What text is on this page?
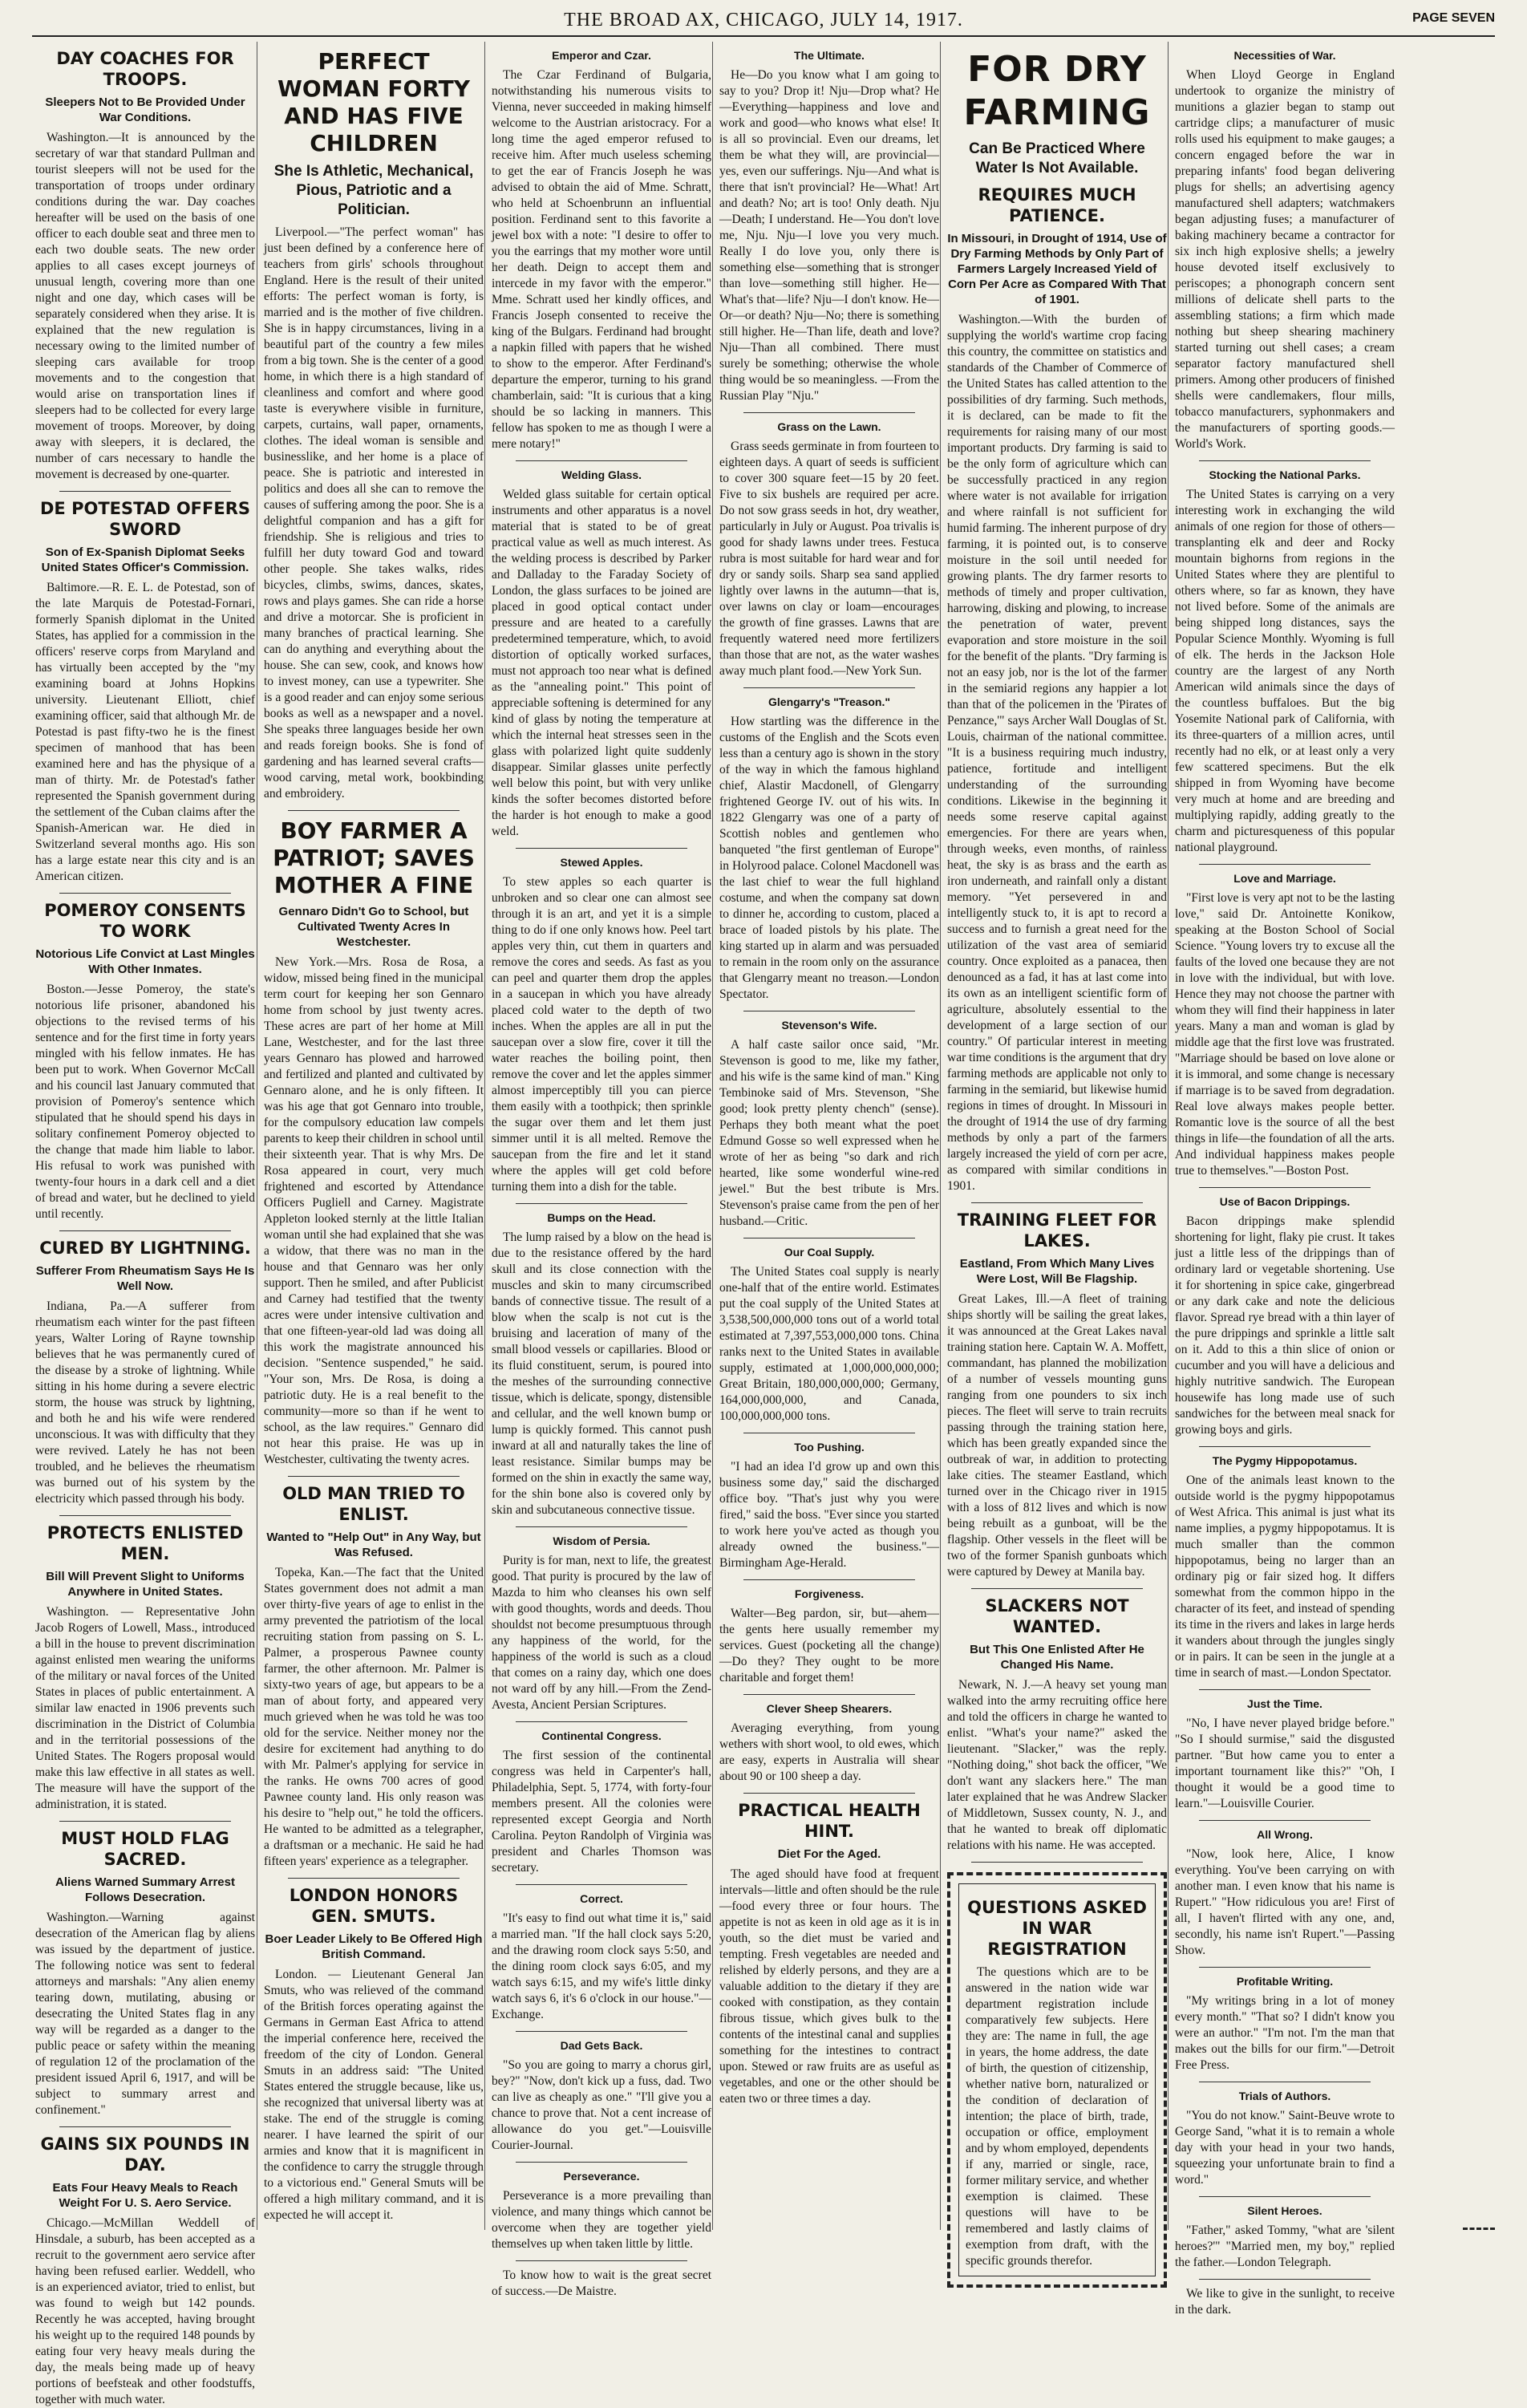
THE BROAD AX, CHICAGO, JULY 14, 1917.	PAGE SEVEN
DAY COACHES FOR TROOPS.
Sleepers Not to Be Provided Under War Conditions.

Washington.—It is announced by the secretary of war that standard Pullman and tourist sleepers will not be used for the transportation of troops under ordinary conditions during the war. Day coaches hereafter will be used on the basis of one officer to each double seat and three men to each two double seats. The new order applies to all cases except journeys of unusual length, covering more than one night and one day, which cases will be separately considered when they arise. It is explained that the new regulation is necessary owing to the limited number of sleeping cars available for troop movements and to the congestion that would arise on transportation lines if sleepers had to be collected for every large movement of troops. Moreover, by doing away with sleepers, it is declared, the number of cars necessary to handle the movement is decreased by one-quarter.

DE POTESTAD OFFERS SWORD
Son of Ex-Spanish Diplomat Seeks United States Officer's Commission.

Baltimore.—R. E. L. de Potestad, son of the late Marquis de Potestad-Fornari, formerly Spanish diplomat in the United States, has applied for a commission in the officers' reserve corps from Maryland and has virtually been accepted by the "my examining board at Johns Hopkins university. Lieutenant Elliott, chief examining officer, said that although Mr. de Potestad is past fifty-two he is the finest specimen of manhood that has been examined here and has the physique of a man of thirty. Mr. de Potestad's father represented the Spanish government during the settlement of the Cuban claims after the Spanish-American war. He died in Switzerland several months ago. His son has a large estate near this city and is an American citizen.

POMEROY CONSENTS TO WORK
Notorious Life Convict at Last Mingles With Other Inmates.

Boston.—Jesse Pomeroy, the state's notorious life prisoner, abandoned his objections to the revised terms of his sentence and for the first time in forty years mingled with his fellow inmates. He has been put to work. When Governor McCall and his council last January commuted that provision of Pomeroy's sentence which stipulated that he should spend his days in solitary confinement Pomeroy objected to the change that made him liable to labor. His refusal to work was punished with twenty-four hours in a dark cell and a diet of bread and water, but he declined to yield until recently.

CURED BY LIGHTNING.
Sufferer From Rheumatism Says He Is Well Now.

Indiana, Pa.—A sufferer from rheumatism each winter for the past fifteen years, Walter Loring of Rayne township believes that he was permanently cured of the disease by a stroke of lightning. While sitting in his home during a severe electric storm, the house was struck by lightning, and both he and his wife were rendered unconscious. It was with difficulty that they were revived. Lately he has not been troubled, and he believes the rheumatism was burned out of his system by the electricity which passed through his body.

PROTECTS ENLISTED MEN.
Bill Will Prevent Slight to Uniforms Anywhere in United States.

Washington. — Representative John Jacob Rogers of Lowell, Mass., introduced a bill in the house to prevent discrimination against enlisted men wearing the uniforms of the military or naval forces of the United States in places of public entertainment. A similar law enacted in 1906 prevents such discrimination in the District of Columbia and in the territorial possessions of the United States. The Rogers proposal would make this law effective in all states as well. The measure will have the support of the administration, it is stated.

MUST HOLD FLAG SACRED.
Aliens Warned Summary Arrest Follows Desecration.

Washington.—Warning against desecration of the American flag by aliens was issued by the department of justice. The following notice was sent to federal attorneys and marshals: "Any alien enemy tearing down, mutilating, abusing or desecrating the United States flag in any way will be regarded as a danger to the public peace or safety within the meaning of regulation 12 of the proclamation of the president issued April 6, 1917, and will be subject to summary arrest and confinement."

GAINS SIX POUNDS IN DAY.
Eats Four Heavy Meals to Reach Weight For U. S. Aero Service.

Chicago.—McMillan Weddell of Hinsdale, a suburb, has been accepted as a recruit to the government aero service after having been refused earlier. Weddell, who is an experienced aviator, tried to enlist, but was found to weigh but 142 pounds. Recently he was accepted, having brought his weight up to the required 148 pounds by eating four very heavy meals during the day, the meals being made up of heavy portions of beefsteak and other foodstuffs, together with much water.

PERFECT WOMAN FORTY AND HAS FIVE CHILDREN
She Is Athletic, Mechanical, Pious, Patriotic and a Politician.

Liverpool.—"The perfect woman" has just been defined by a conference here of teachers from girls' schools throughout England. Here is the result of their united efforts: The perfect woman is forty, is married and is the mother of five children. She is in happy circumstances, living in a beautiful part of the country a few miles from a big town. She is the center of a good home, in which there is a high standard of cleanliness and comfort and where good taste is everywhere visible in furniture, carpets, curtains, wall paper, ornaments, clothes. The ideal woman is sensible and businesslike, and her home is a place of peace. She is patriotic and interested in politics and does all she can to remove the causes of suffering among the poor. She is a delightful companion and has a gift for friendship. She is religious and tries to fulfill her duty toward God and toward other people. She takes walks, rides bicycles, climbs, swims, dances, skates, rows and plays games. She can ride a horse and drive a motorcar. She is proficient in many branches of practical learning. She can do anything and everything about the house. She can sew, cook, and knows how to invest money, can use a typewriter. She is a good reader and can enjoy some serious books as well as a newspaper and a novel. She speaks three languages beside her own and reads foreign books. She is fond of gardening and has learned several crafts—wood carving, metal work, bookbinding and embroidery.

BOY FARMER A PATRIOT; SAVES MOTHER A FINE
Gennaro Didn't Go to School, but Cultivated Twenty Acres In Westchester.

New York.—Mrs. Rosa de Rosa, a widow, missed being fined in the municipal term court for keeping her son Gennaro home from school by just twenty acres. These acres are part of her home at Mill Lane, Westchester, and for the last three years Gennaro has plowed and harrowed and fertilized and planted and cultivated by Gennaro alone, and he is only fifteen. It was his age that got Gennaro into trouble, for the compulsory education law compels parents to keep their children in school until their sixteenth year. That is why Mrs. De Rosa appeared in court, very much frightened and escorted by Attendance Officers Pugliell and Carney. Magistrate Appleton looked sternly at the little Italian woman until she had explained that she was a widow, that there was no man in the house and that Gennaro was her only support. Then he smiled, and after Publicist and Carney had testified that the twenty acres were under intensive cultivation and that one fifteen-year-old lad was doing all this work the magistrate announced his decision. "Sentence suspended," he said. "Your son, Mrs. De Rosa, is doing a patriotic duty. He is a real benefit to the community—more so than if he went to school, as the law requires." Gennaro did not hear this praise. He was up in Westchester, cultivating the twenty acres.

OLD MAN TRIED TO ENLIST.
Wanted to "Help Out" in Any Way, but Was Refused.

Topeka, Kan.—The fact that the United States government does not admit a man over thirty-five years of age to enlist in the army prevented the patriotism of the local recruiting station from passing on S. L. Palmer, a prosperous Pawnee county farmer, the other afternoon. Mr. Palmer is sixty-two years of age, but appears to be a man of about forty, and appeared very much grieved when he was told he was too old for the service. Neither money nor the desire for excitement had anything to do with Mr. Palmer's applying for service in the ranks. He owns 700 acres of good Pawnee county land. His only reason was his desire to "help out," he told the officers. He wanted to be admitted as a telegrapher, a draftsman or a mechanic. He said he had fifteen years' experience as a telegrapher.

LONDON HONORS GEN. SMUTS.
Boer Leader Likely to Be Offered High British Command.

London. — Lieutenant General Jan Smuts, who was relieved of the command of the British forces operating against the Germans in German East Africa to attend the imperial conference here, received the freedom of the city of London. General Smuts in an address said: "The United States entered the struggle because, like us, she recognized that universal liberty was at stake. The end of the struggle is coming nearer. I have learned the spirit of our armies and know that it is magnificent in the confidence to carry the struggle through to a victorious end." General Smuts will be offered a high military command, and it is expected he will accept it.

Emperor and Czar.

The Czar Ferdinand of Bulgaria, notwithstanding his numerous visits to Vienna, never succeeded in making himself welcome to the Austrian aristocracy. For a long time the aged emperor refused to receive him. After much useless scheming to get the ear of Francis Joseph he was advised to obtain the aid of Mme. Schratt, who held at Schoenbrunn an influential position. Ferdinand sent to this favorite a jewel box with a note: "I desire to offer to you the earrings that my mother wore until her death. Deign to accept them and intercede in my favor with the emperor." Mme. Schratt used her kindly offices, and Francis Joseph consented to receive the king of the Bulgars. Ferdinand had brought a napkin filled with papers that he wished to show to the emperor. After Ferdinand's departure the emperor, turning to his grand chamberlain, said: "It is curious that a king should be so lacking in manners. This fellow has spoken to me as though I were a mere notary!"

Welding Glass.

Welded glass suitable for certain optical instruments and other apparatus is a novel material that is stated to be of great practical value as well as much interest. As the welding process is described by Parker and Dalladay to the Faraday Society of London, the glass surfaces to be joined are placed in good optical contact under pressure and are heated to a carefully predetermined temperature, which, to avoid distortion of optically worked surfaces, must not approach too near what is defined as the "annealing point." This point of appreciable softening is determined for any kind of glass by noting the temperature at which the internal heat stresses seen in the glass with polarized light quite suddenly disappear. Similar glasses unite perfectly well below this point, but with very unlike kinds the softer becomes distorted before the harder is hot enough to make a good weld.

Stewed Apples.

To stew apples so each quarter is unbroken and so clear one can almost see through it is an art, and yet it is a simple thing to do if one only knows how. Peel tart apples very thin, cut them in quarters and remove the cores and seeds. As fast as you can peel and quarter them drop the apples in a saucepan in which you have already placed cold water to the depth of two inches. When the apples are all in put the saucepan over a slow fire, cover it till the water reaches the boiling point, then remove the cover and let the apples simmer almost imperceptibly till you can pierce them easily with a toothpick; then sprinkle the sugar over them and let them just simmer until it is all melted. Remove the saucepan from the fire and let it stand where the apples will get cold before turning them into a dish for the table.

Bumps on the Head.

The lump raised by a blow on the head is due to the resistance offered by the hard skull and its close connection with the muscles and skin to many circumscribed bands of connective tissue. The result of a blow when the scalp is not cut is the bruising and laceration of many of the small blood vessels or capillaries. Blood or its fluid constituent, serum, is poured into the meshes of the surrounding connective tissue, which is delicate, spongy, distensible and cellular, and the well known bump or lump is quickly formed. This cannot push inward at all and naturally takes the line of least resistance. Similar bumps may be formed on the shin in exactly the same way, for the shin bone also is covered only by skin and subcutaneous connective tissue.

Wisdom of Persia.

Purity is for man, next to life, the greatest good. That purity is procured by the law of Mazda to him who cleanses his own self with good thoughts, words and deeds. Thou shouldst not become presumptuous through any happiness of the world, for the happiness of the world is such as a cloud that comes on a rainy day, which one does not ward off by any hill.—From the Zend-Avesta, Ancient Persian Scriptures.

Continental Congress.

The first session of the continental congress was held in Carpenter's hall, Philadelphia, Sept. 5, 1774, with forty-four members present. All the colonies were represented except Georgia and North Carolina. Peyton Randolph of Virginia was president and Charles Thomson was secretary.

Correct.

"It's easy to find out what time it is," said a married man. "If the hall clock says 5:20, and the drawing room clock says 5:50, and the dining room clock says 6:05, and my watch says 6:15, and my wife's little dinky watch says 6, it's 6 o'clock in our house."—Exchange.

Dad Gets Back.

"So you are going to marry a chorus girl, bey?" "Now, don't kick up a fuss, dad. Two can live as cheaply as one." "I'll give you a chance to prove that. Not a cent increase of allowance do you get."—Louisville Courier-Journal.

Perseverance.

Perseverance is a more prevailing than violence, and many things which cannot be overcome when they are together yield themselves up when taken little by little.

To know how to wait is the great secret of success.—De Maistre.

The Ultimate.

He—Do you know what I am going to say to you? Drop it! Nju—Drop what? He—Everything—happiness and love and work and good—who knows what else! It is all so provincial. Even our dreams, let them be what they will, are provincial—yes, even our sufferings. Nju—And what is there that isn't provincial? He—What! Art and death? No; art is too! Only death. Nju—Death; I understand. He—You don't love me, Nju. Nju—I love you very much. Really I do love you, only there is something else—something that is stronger than love—something still higher. He—What's that—life? Nju—I don't know. He—Or—or death? Nju—No; there is something still higher. He—Than life, death and love? Nju—Than all combined. There must surely be something; otherwise the whole thing would be so meaningless. —From the Russian Play "Nju."

Grass on the Lawn.

Grass seeds germinate in from fourteen to eighteen days. A quart of seeds is sufficient to cover 300 square feet—15 by 20 feet. Five to six bushels are required per acre. Do not sow grass seeds in hot, dry weather, particularly in July or August. Poa trivalis is good for shady lawns under trees. Festuca rubra is most suitable for hard wear and for dry or sandy soils. Sharp sea sand applied lightly over lawns in the autumn—that is, over lawns on clay or loam—encourages the growth of fine grasses. Lawns that are frequently watered need more fertilizers than those that are not, as the water washes away much plant food.—New York Sun.

Glengarry's "Treason."

How startling was the difference in the customs of the English and the Scots even less than a century ago is shown in the story of the way in which the famous highland chief, Alastir Macdonell, of Glengarry frightened George IV. out of his wits. In 1822 Glengarry was one of a party of Scottish nobles and gentlemen who banqueted "the first gentleman of Europe" in Holyrood palace. Colonel Macdonell was the last chief to wear the full highland costume, and when the company sat down to dinner he, according to custom, placed a brace of loaded pistols by his plate. The king started up in alarm and was persuaded to remain in the room only on the assurance that Glengarry meant no treason.—London Spectator.

Stevenson's Wife.

A half caste sailor once said, "Mr. Stevenson is good to me, like my father, and his wife is the same kind of man." King Tembinoke said of Mrs. Stevenson, "She good; look pretty plenty chench" (sense). Perhaps they both meant what the poet Edmund Gosse so well expressed when he wrote of her as being "so dark and rich hearted, like some wonderful wine-red jewel." But the best tribute is Mrs. Stevenson's praise came from the pen of her husband.—Critic.

Our Coal Supply.

The United States coal supply is nearly one-half that of the entire world. Estimates put the coal supply of the United States at 3,538,500,000,000 tons out of a world total estimated at 7,397,553,000,000 tons. China ranks next to the United States in available supply, estimated at 1,000,000,000,000; Great Britain, 180,000,000,000; Germany, 164,000,000,000, and Canada, 100,000,000,000 tons.

Too Pushing.

"I had an idea I'd grow up and own this business some day," said the discharged office boy. "That's just why you were fired," said the boss. "Ever since you started to work here you've acted as though you already owned the business."—Birmingham Age-Herald.

Forgiveness.

Walter—Beg pardon, sir, but—ahem—the gents here usually remember my services. Guest (pocketing all the change)—Do they? They ought to be more charitable and forget them!

Clever Sheep Shearers.

Averaging everything, from young wethers with short wool, to old ewes, which are easy, experts in Australia will shear about 90 or 100 sheep a day.

PRACTICAL HEALTH HINT.
Diet For the Aged.

The aged should have food at frequent intervals—little and often should be the rule—food every three or four hours. The appetite is not as keen in old age as it is in youth, so the diet must be varied and tempting. Fresh vegetables are needed and relished by elderly persons, and they are a valuable addition to the dietary if they are cooked with constipation, as they contain fibrous tissue, which gives bulk to the contents of the intestinal canal and supplies something for the intestines to contract upon. Stewed or raw fruits are as useful as vegetables, and one or the other should be eaten two or three times a day.

FOR DRY FARMING
Can Be Practiced Where Water Is Not Available.
REQUIRES MUCH PATIENCE.
In Missouri, in Drought of 1914, Use of Dry Farming Methods by Only Part of Farmers Largely Increased Yield of Corn Per Acre as Compared With That of 1901.

Washington.—With the burden of supplying the world's wartime crop facing this country, the committee on statistics and standards of the Chamber of Commerce of the United States has called attention to the possibilities of dry farming. Such methods, it is declared, can be made to fit the requirements for raising many of our most important products. Dry farming is said to be the only form of agriculture which can be successfully practiced in any region where water is not available for irrigation and where rainfall is not sufficient for humid farming. The inherent purpose of dry farming, it is pointed out, is to conserve moisture in the soil until needed for growing plants. The dry farmer resorts to methods of timely and proper cultivation, harrowing, disking and plowing, to increase the penetration of water, prevent evaporation and store moisture in the soil for the benefit of the plants. "Dry farming is not an easy job, nor is the lot of the farmer in the semiarid regions any happier a lot than that of the policemen in the 'Pirates of Penzance,'" says Archer Wall Douglas of St. Louis, chairman of the national committee. "It is a business requiring much industry, patience, fortitude and intelligent understanding of the surrounding conditions. Likewise in the beginning it needs some reserve capital against emergencies. For there are years when, through weeks, even months, of rainless heat, the sky is as brass and the earth as iron underneath, and rainfall only a distant memory. "Yet persevered in and intelligently stuck to, it is apt to record a success and to furnish a great need for the utilization of the vast area of semiarid country. Once exploited as a panacea, then denounced as a fad, it has at last come into its own as an intelligent scientific form of agriculture, absolutely essential to the development of a large section of our country." Of particular interest in meeting war time conditions is the argument that dry farming methods are applicable not only to farming in the semiarid, but likewise humid regions in times of drought. In Missouri in the drought of 1914 the use of dry farming methods by only a part of the farmers largely increased the yield of corn per acre, as compared with similar conditions in 1901.

TRAINING FLEET FOR LAKES.
Eastland, From Which Many Lives Were Lost, Will Be Flagship.

Great Lakes, Ill.—A fleet of training ships shortly will be sailing the great lakes, it was announced at the Great Lakes naval training station here. Captain W. A. Moffett, commandant, has planned the mobilization of a number of vessels mounting guns ranging from one pounders to six inch pieces. The fleet will serve to train recruits passing through the training station here, which has been greatly expanded since the outbreak of war, in addition to protecting lake cities. The steamer Eastland, which turned over in the Chicago river in 1915 with a loss of 812 lives and which is now being rebuilt as a gunboat, will be the flagship. Other vessels in the fleet will be two of the former Spanish gunboats which were captured by Dewey at Manila bay.

SLACKERS NOT WANTED.
But This One Enlisted After He Changed His Name.

Newark, N. J.—A heavy set young man walked into the army recruiting office here and told the officers in charge he wanted to enlist. "What's your name?" asked the lieutenant. "Slacker," was the reply. "Nothing doing," shot back the officer, "We don't want any slackers here." The man later explained that he was Andrew Slacker of Middletown, Sussex county, N. J., and that he wanted to break off diplomatic relations with his name. He was accepted.

QUESTIONS ASKED IN WAR REGISTRATION

The questions which are to be answered in the nation wide war department registration include comparatively few subjects. Here they are: The name in full, the age in years, the home address, the date of birth, the question of citizenship, whether native born, naturalized or the condition of declaration of intention; the place of birth, trade, occupation or office, employment and by whom employed, dependents if any, married or single, race, former military service, and whether exemption is claimed. These questions will have to be remembered and lastly claims of exemption from draft, with the specific grounds therefor.

Necessities of War.

When Lloyd George in England undertook to organize the ministry of munitions a glazier began to stamp out cartridge clips; a manufacturer of music rolls used his equipment to make gauges; a concern engaged before the war in preparing infants' food began delivering plugs for shells; an advertising agency manufactured shell adapters; watchmakers began adjusting fuses; a manufacturer of baking machinery became a contractor for six inch high explosive shells; a jewelry house devoted itself exclusively to periscopes; a phonograph concern sent millions of delicate shell parts to the assembling stations; a firm which made nothing but sheep shearing machinery started turning out shell cases; a cream separator factory manufactured shell primers. Among other producers of finished shells were candlemakers, flour mills, tobacco manufacturers, syphonmakers and the manufacturers of sporting goods.—World's Work.

Stocking the National Parks.

The United States is carrying on a very interesting work in exchanging the wild animals of one region for those of others—transplanting elk and deer and Rocky mountain bighorns from regions in the United States where they are plentiful to others where, so far as known, they have not lived before. Some of the animals are being shipped long distances, says the Popular Science Monthly. Wyoming is full of elk. The herds in the Jackson Hole country are the largest of any North American wild animals since the days of the countless buffaloes. But the big Yosemite National park of California, with its three-quarters of a million acres, until recently had no elk, or at least only a very few scattered specimens. But the elk shipped in from Wyoming have become very much at home and are breeding and multiplying rapidly, adding greatly to the charm and picturesqueness of this popular national playground.

Love and Marriage.

"First love is very apt not to be the lasting love," said Dr. Antoinette Konikow, speaking at the Boston School of Social Science. "Young lovers try to excuse all the faults of the loved one because they are not in love with the individual, but with love. Hence they may not choose the partner with whom they will find their happiness in later years. Many a man and woman is glad by middle age that the first love was frustrated. "Marriage should be based on love alone or it is immoral, and some change is necessary if marriage is to be saved from degradation. Real love always makes people better. Romantic love is the source of all the best things in life—the foundation of all the arts. And individual happiness makes people true to themselves."—Boston Post.

Use of Bacon Drippings.

Bacon drippings make splendid shortening for light, flaky pie crust. It takes just a little less of the drippings than of ordinary lard or vegetable shortening. Use it for shortening in spice cake, gingerbread or any dark cake and note the delicious flavor. Spread rye bread with a thin layer of the pure drippings and sprinkle a little salt on it. Add to this a thin slice of onion or cucumber and you will have a delicious and highly nutritive sandwich. The European housewife has long made use of such sandwiches for the between meal snack for growing boys and girls.

The Pygmy Hippopotamus.

One of the animals least known to the outside world is the pygmy hippopotamus of West Africa. This animal is just what its name implies, a pygmy hippopotamus. It is much smaller than the common hippopotamus, being no larger than an ordinary pig or fair sized hog. It differs somewhat from the common hippo in the character of its feet, and instead of spending its time in the rivers and lakes in large herds it wanders about through the jungles singly or in pairs. It can be seen in the jungle at a time in search of mast.—London Spectator.

Just the Time.

"No, I have never played bridge before." "So I should surmise," said the disgusted partner. "But how came you to enter a important tournament like this?" "Oh, I thought it would be a good time to learn."—Louisville Courier.

All Wrong.

"Now, look here, Alice, I know everything. You've been carrying on with another man. I even know that his name is Rupert." "How ridiculous you are! First of all, I haven't flirted with any one, and, secondly, his name isn't Rupert."—Passing Show.

Profitable Writing.

"My writings bring in a lot of money every month." "That so? I didn't know you were an author." "I'm not. I'm the man that makes out the bills for our firm."—Detroit Free Press.

Trials of Authors.

"You do not know." Saint-Beuve wrote to George Sand, "what it is to remain a whole day with your head in your two hands, squeezing your unfortunate brain to find a word."

Silent Heroes.

"Father," asked Tommy, "what are 'silent heroes?'" "Married men, my boy," replied the father.—London Telegraph.

We like to give in the sunlight, to receive in the dark.
